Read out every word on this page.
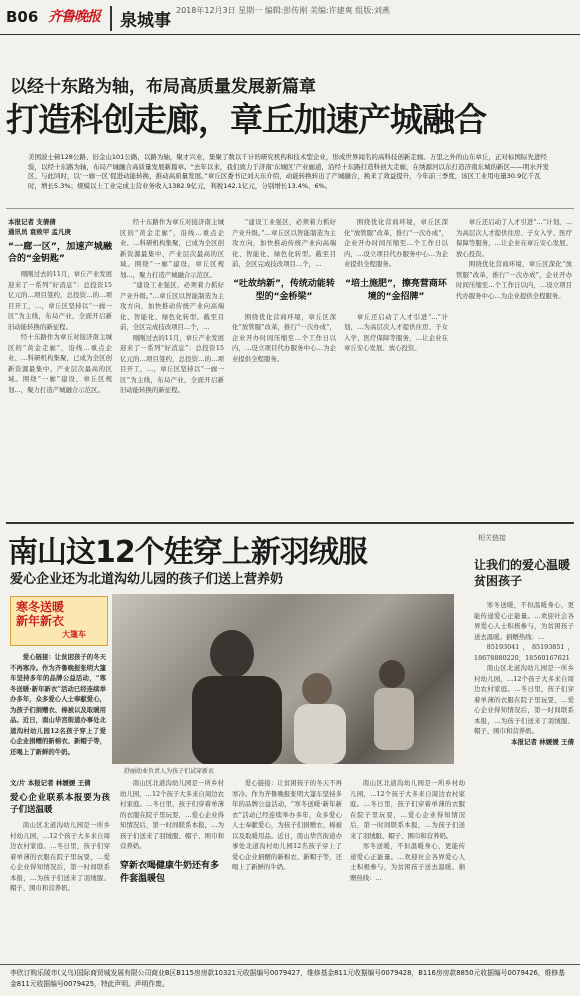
B06 齐鲁晚报	泉城事
2018年12月3日 星期一 编辑:彭传刚 美编:许建爽 组版:刘燕
以经十东路为轴，布局高质量发展新篇章
打造科创走廊，章丘加速产城融合
美国波士顿128公路、旧金山101公路，以路为轴，聚才兴业，集聚了数以千计的研究机构和技术型企业，形成世界闻名的高科技创新走廊。万里之外的山东章丘，正对标国际先进经验，以经十东路为轴，布局产城融合高质量发展新篇章。“去年以来，我们致力于济南‘东城区’产业廊道，沿经十东路打造科创大走廊，在绣源河以东打造济南东城的新区——明水开发区、与此同时，以‘一廊一区’促进动能转换，推动高质量发展。”章丘区委书记刘天东介绍，动能转换转出了产城融合，换来了效益提升，今年前三季度，该区工业用电量30.9亿千瓦时，增长5.3%；规模以上工业完成主营业务收入1382.9亿元，利税142.1亿元，分别增长13.4%、6%。
本报记者 支倩倩
通讯员 袁致甲 孟凡庚
“一廊一区”，加速产城融合的“金钥匙”

刚刚过去的11月，章丘产业发展迎来了一系列“好消息”：总投资15亿元的…项目签约，总投资…的…项目开工，…，章丘区坚持以“一廊一区”为主线，布局产业，全面开启新旧动能转换的新征程。

经十东路作为章丘对接济南主城区的“黄金走廊”，沿线…重点企业、…科研机构集聚，已成为全区创新资源最集中、产业层次最高的区域。围绕“一廊”建设，章丘区规划…，聚力打造产城融合示范区。

经十东路作为章丘对接济南主城区的“黄金走廊”，沿线…重点企业、…科研机构集聚，已成为全区创新资源最集中、产业层次最高的区域。围绕“一廊”建设，章丘区规划…，聚力打造产城融合示范区。

“建设工业强区，必须着力抓好产业升级。”…章丘区以智能制造为主攻方向，加快推动传统产业向高端化、智能化、绿色化转型。截至目前，全区完成技改项目…个，…

刚刚过去的11月，章丘产业发展迎来了一系列“好消息”：总投资15亿元的…项目签约，总投资…的…项目开工，…，章丘区坚持以“一廊一区”为主线，布局产业，全面开启新旧动能转换的新征程。

“建设工业强区，必须着力抓好产业升级。”…章丘区以智能制造为主攻方向，加快推动传统产业向高端化、智能化、绿色化转型。截至目前，全区完成技改项目…个，…

“吐故纳新”，传统动能转型的“金桥梁”

围绕优化营商环境，章丘区深化“放管服”改革，推行“一次办成”，企业开办时间压缩至…个工作日以内，…设立项目代办服务中心…为企业提供全程服务。

围绕优化营商环境，章丘区深化“放管服”改革，推行“一次办成”，企业开办时间压缩至…个工作日以内，…设立项目代办服务中心…为企业提供全程服务。

“培土施肥”，擦亮营商环境的“金招牌”

章丘还启动了人才引进“…”计划，…为高层次人才提供住房、子女入学、医疗保障等服务，…让企业在章丘安心发展、放心投资。

章丘还启动了人才引进“…”计划，…为高层次人才提供住房、子女入学、医疗保障等服务，…让企业在章丘安心发展、放心投资。

围绕优化营商环境，章丘区深化“放管服”改革，推行“一次办成”，企业开办时间压缩至…个工作日以内，…设立项目代办服务中心…为企业提供全程服务。

南山这12个娃穿上新羽绒服
爱心企业还为北道沟幼儿园的孩子们送上营养奶
相关链接
让我们的爱心温暖贫困孩子

寒冬送暖，不但温暖身心，更能传递爱心正能量。…欢迎社会各界爱心人士积极参与，为贫困孩子送去温暖。捐赠热线：…

85193041，85193851，18678880220，18560167621

南山区北道沟幼儿园是一所乡村幼儿园，…12个孩子大多来自周边农村家庭。…冬日里，孩子们穿着单薄的衣服在院子里玩耍，…爱心企业得知情况后，第一时间联系本报，…为孩子们送来了羽绒服、帽子、围巾和营养奶。

本报记者 林媛媛 王倩
寒冬送暖
新年新衣
大篷车

爱心链接：让贫困孩子的冬天不再寒冷。作为齐鲁晚报张明大篷车坚持多年的品牌公益活动，“寒冬送暖·新年新衣”活动已经连续举办多年，众多爱心人士奉献爱心，为孩子们捐赠衣、棉被以及取暖用品。近日，南山华宫街道办事处北道沟村幼儿园12名孩子穿上了爱心企业捐赠的新棉衣、新帽子等，还喝上了新鲜的牛奶。

舒丽幼业负责人为孩子们试穿新衣
文/片 本报记者 林媛媛 王倩
爱心企业联系本报要为孩子们送温暖

南山区北道沟幼儿园是一所乡村幼儿园，…12个孩子大多来自周边农村家庭。…冬日里，孩子们穿着单薄的衣服在院子里玩耍，…爱心企业得知情况后，第一时间联系本报，…为孩子们送来了羽绒服、帽子、围巾和营养奶。

南山区北道沟幼儿园是一所乡村幼儿园，…12个孩子大多来自周边农村家庭。…冬日里，孩子们穿着单薄的衣服在院子里玩耍，…爱心企业得知情况后，第一时间联系本报，…为孩子们送来了羽绒服、帽子、围巾和营养奶。

穿新衣喝健康牛奶还有多件套温暖包

爱心链接：让贫困孩子的冬天不再寒冷。作为齐鲁晚报张明大篷车坚持多年的品牌公益活动，“寒冬送暖·新年新衣”活动已经连续举办多年，众多爱心人士奉献爱心，为孩子们捐赠衣、棉被以及取暖用品。近日，南山华宫街道办事处北道沟村幼儿园12名孩子穿上了爱心企业捐赠的新棉衣、新帽子等，还喝上了新鲜的牛奶。

南山区北道沟幼儿园是一所乡村幼儿园，…12个孩子大多来自周边农村家庭。…冬日里，孩子们穿着单薄的衣服在院子里玩耍，…爱心企业得知情况后，第一时间联系本报，…为孩子们送来了羽绒服、帽子、围巾和营养奶。

寒冬送暖，不但温暖身心，更能传递爱心正能量。…欢迎社会各界爱心人士积极参与，为贫困孩子送去温暖。捐赠热线：…

李欣订购乐陵市(义乌)国际商贸城发展有限公司商业B区B115房房款10321元收据编号0079427，维修基金811元收据编号0079428，B116房房款8850元收据编号0079426，维修基金811元收据编号0079425，特此声明。声明作废。
